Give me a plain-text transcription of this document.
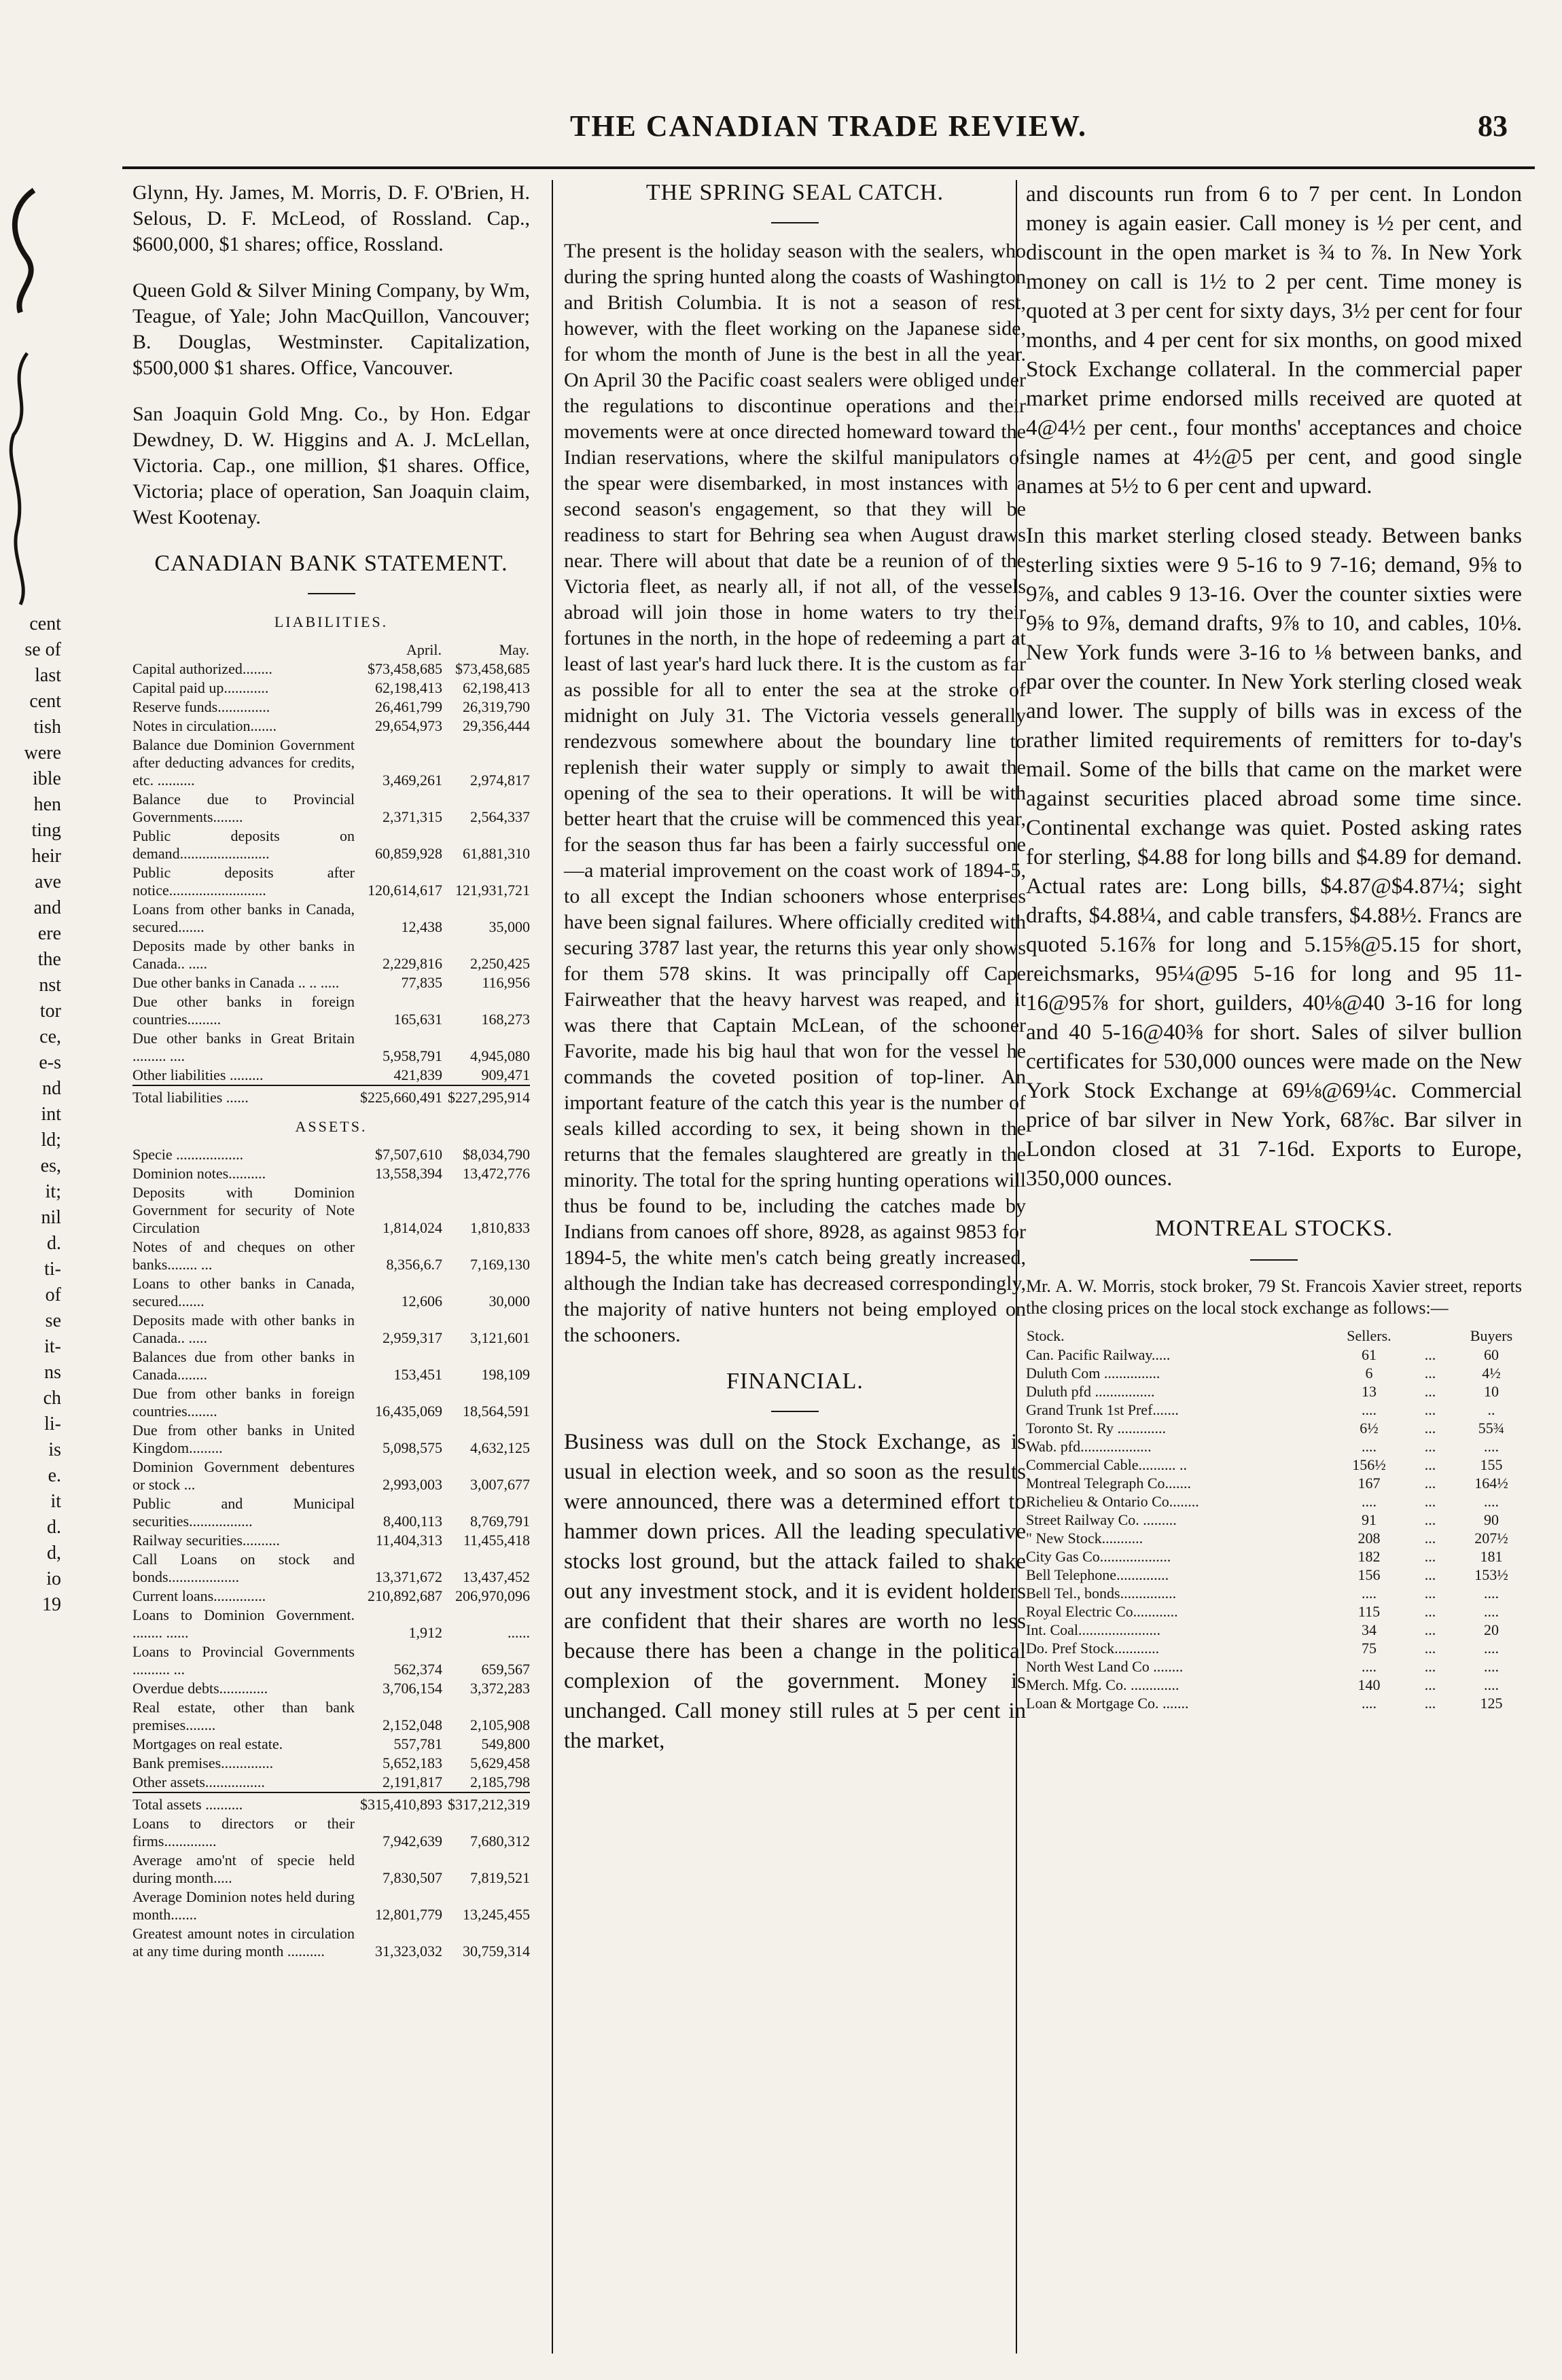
cent
se of
last
cent
tish
were
ible
hen
ting
heir
ave
and
ere
the
nst
tor
ce,
e-s
nd
int
ld;
es,
it;
nil
d.
ti-
of
se
it-
ns
ch
li-
is
e.
it
d.
d,
io
19
THE CANADIAN TRADE REVIEW.	83

Glynn, Hy. James, M. Morris, D. F. O'Brien, H. Selous, D. F. McLeod, of Rossland. Cap., $600,000, $1 shares; office, Rossland.

Queen Gold & Silver Mining Company, by Wm, Teague, of Yale; John MacQuillon, Vancouver; B. Douglas, Westminster. Capitalization, $500,000 $1 shares. Office, Vancouver.

San Joaquin Gold Mng. Co., by Hon. Edgar Dewdney, D. W. Higgins and A. J. McLellan, Victoria. Cap., one million, $1 shares. Office, Victoria; place of operation, San Joaquin claim, West Kootenay.

CANADIAN BANK STATEMENT.
LIABILITIES.
	April.	May.
Capital authorized........	$73,458,685	$73,458,685
Capital paid up............	62,198,413	62,198,413
Reserve funds..............	26,461,799	26,319,790
Notes in circulation.......	29,654,973	29,356,444
Balance due Dominion Government after deducting advances for credits, etc. ..........	3,469,261	2,974,817
Balance due to Provincial Governments........	2,371,315	2,564,337
Public deposits on demand........................	60,859,928	61,881,310
Public deposits after notice..........................	120,614,617	121,931,721
Loans from other banks in Canada, secured.......	12,438	35,000
Deposits made by other banks in Canada.. .....	2,229,816	2,250,425
Due other banks in Canada .. .. .....	77,835	116,956
Due other banks in foreign countries.........	165,631	168,273
Due other banks in Great Britain ......... ....	5,958,791	4,945,080
Other liabilities .........	421,839	909,471
Total liabilities ......	$225,660,491	$227,295,914
ASSETS.
Specie ..................	$7,507,610	$8,034,790
Dominion notes..........	13,558,394	13,472,776
Deposits with Dominion Government for security of Note Circulation	1,814,024	1,810,833
Notes of and cheques on other banks........ ...	8,356,6.7	7,169,130
Loans to other banks in Canada, secured.......	12,606	30,000
Deposits made with other banks in Canada.. .....	2,959,317	3,121,601
Balances due from other banks in Canada........	153,451	198,109
Due from other banks in foreign countries........	16,435,069	18,564,591
Due from other banks in United Kingdom.........	5,098,575	4,632,125
Dominion Government debentures or stock ...	2,993,003	3,007,677
Public and Municipal securities.................	8,400,113	8,769,791
Railway securities..........	11,404,313	11,455,418
Call Loans on stock and bonds...................	13,371,672	13,437,452
Current loans..............	210,892,687	206,970,096
Loans to Dominion Government. ........ ......	1,912	......
Loans to Provincial Governments .......... ...	562,374	659,567
Overdue debts.............	3,706,154	3,372,283
Real estate, other than bank premises........	2,152,048	2,105,908
Mortgages on real estate.	557,781	549,800
Bank premises..............	5,652,183	5,629,458
Other assets................	2,191,817	2,185,798
Total assets ..........	$315,410,893	$317,212,319
Loans to directors or their firms..............	7,942,639	7,680,312
Average amo'nt of specie held during month.....	7,830,507	7,819,521
Average Dominion notes held during month.......	12,801,779	13,245,455
Greatest amount notes in circulation at any time during month ..........	31,323,032	30,759,314
THE SPRING SEAL CATCH.

The present is the holiday season with the sealers, who during the spring hunted along the coasts of Washington and British Columbia. It is not a season of rest, however, with the fleet working on the Japanese side, for whom the month of June is the best in all the year. On April 30 the Pacific coast sealers were obliged under the regulations to discontinue operations and their movements were at once directed homeward toward the Indian reservations, where the skilful manipulators of the spear were disembarked, in most instances with a second season's engagement, so that they will be readiness to start for Behring sea when August draws near. There will about that date be a reunion of of the Victoria fleet, as nearly all, if not all, of the vessels abroad will join those in home waters to try their fortunes in the north, in the hope of redeeming a part at least of last year's hard luck there. It is the custom as far as possible for all to enter the sea at the stroke of midnight on July 31. The Victoria vessels generally rendezvous somewhere about the boundary line to replenish their water supply or simply to await the opening of the sea to their operations. It will be with better heart that the cruise will be commenced this year, for the season thus far has been a fairly successful one—a material improvement on the coast work of 1894-5, to all except the Indian schooners whose enterprises have been signal failures. Where officially credited with securing 3787 last year, the returns this year only shows for them 578 skins. It was principally off Cape Fairweather that the heavy harvest was reaped, and it was there that Captain McLean, of the schooner Favorite, made his big haul that won for the vessel he commands the coveted position of top-liner. An important feature of the catch this year is the number of seals killed according to sex, it being shown in the returns that the females slaughtered are greatly in the minority. The total for the spring hunting operations will thus be found to be, including the catches made by Indians from canoes off shore, 8928, as against 9853 for 1894-5, the white men's catch being greatly increased, although the Indian take has decreased correspondingly, the majority of native hunters not being employed on the schooners.

FINANCIAL.

Business was dull on the Stock Exchange, as is usual in election week, and so soon as the results were announced, there was a determined effort to hammer down prices. All the leading speculative stocks lost ground, but the attack failed to shake out any investment stock, and it is evident holders are confident that their shares are worth no less because there has been a change in the political complexion of the government. Money is unchanged. Call money still rules at 5 per cent in the market,

and discounts run from 6 to 7 per cent. In London money is again easier. Call money is ½ per cent, and discount in the open market is ¾ to ⅞. In New York money on call is 1½ to 2 per cent. Time money is quoted at 3 per cent for sixty days, 3½ per cent for four months, and 4 per cent for six months, on good mixed Stock Exchange collateral. In the commercial paper market prime endorsed mills received are quoted at 4@4½ per cent., four months' acceptances and choice single names at 4½@5 per cent, and good single names at 5½ to 6 per cent and upward.

In this market sterling closed steady. Between banks sterling sixties were 9 5-16 to 9 7-16; demand, 9⅝ to 9⅞, and cables 9 13-16. Over the counter sixties were 9⅝ to 9⅞, demand drafts, 9⅞ to 10, and cables, 10⅛. New York funds were 3-16 to ⅛ between banks, and par over the counter. In New York sterling closed weak and lower. The supply of bills was in excess of the rather limited requirements of remitters for to-day's mail. Some of the bills that came on the market were against securities placed abroad some time since. Continental exchange was quiet. Posted asking rates for sterling, $4.88 for long bills and $4.89 for demand. Actual rates are: Long bills, $4.87@$4.87¼; sight drafts, $4.88¼, and cable transfers, $4.88½. Francs are quoted 5.16⅞ for long and 5.15⅝@5.15 for short, reichsmarks, 95¼@95 5-16 for long and 95 11-16@95⅞ for short, guilders, 40⅛@40 3-16 for long and 40 5-16@40⅜ for short. Sales of silver bullion certificates for 530,000 ounces were made on the New York Stock Exchange at 69⅛@69¼c. Commercial price of bar silver in New York, 68⅞c. Bar silver in London closed at 31 7-16d. Exports to Europe, 350,000 ounces.

MONTREAL STOCKS.

Mr. A. W. Morris, stock broker, 79 St. Francois Xavier street, reports the closing prices on the local stock exchange as follows:—

Stock.	Sellers.		Buyers
Can. Pacific Railway.....	61	...	60
Duluth Com ...............	6	...	4½
Duluth pfd ................	13	...	10
Grand Trunk 1st Pref.......	....	...	..
Toronto St. Ry .............	6½	...	55¾
Wab. pfd...................	....	...	....
Commercial Cable.......... ..	156½	...	155
Montreal Telegraph Co.......	167	...	164½
Richelieu & Ontario Co........	....	...	....
Street Railway Co. .........	91	...	90
" New Stock...........	208	...	207½
City Gas Co...................	182	...	181
Bell Telephone..............	156	...	153½
Bell Tel., bonds...............	....	...	....
Royal Electric Co............	115	...	....
Int. Coal......................	34	...	20
Do. Pref Stock............	75	...	....
North West Land Co ........	....	...	....
Merch. Mfg. Co. .............	140	...	....
Loan & Mortgage Co. .......	....	...	125
